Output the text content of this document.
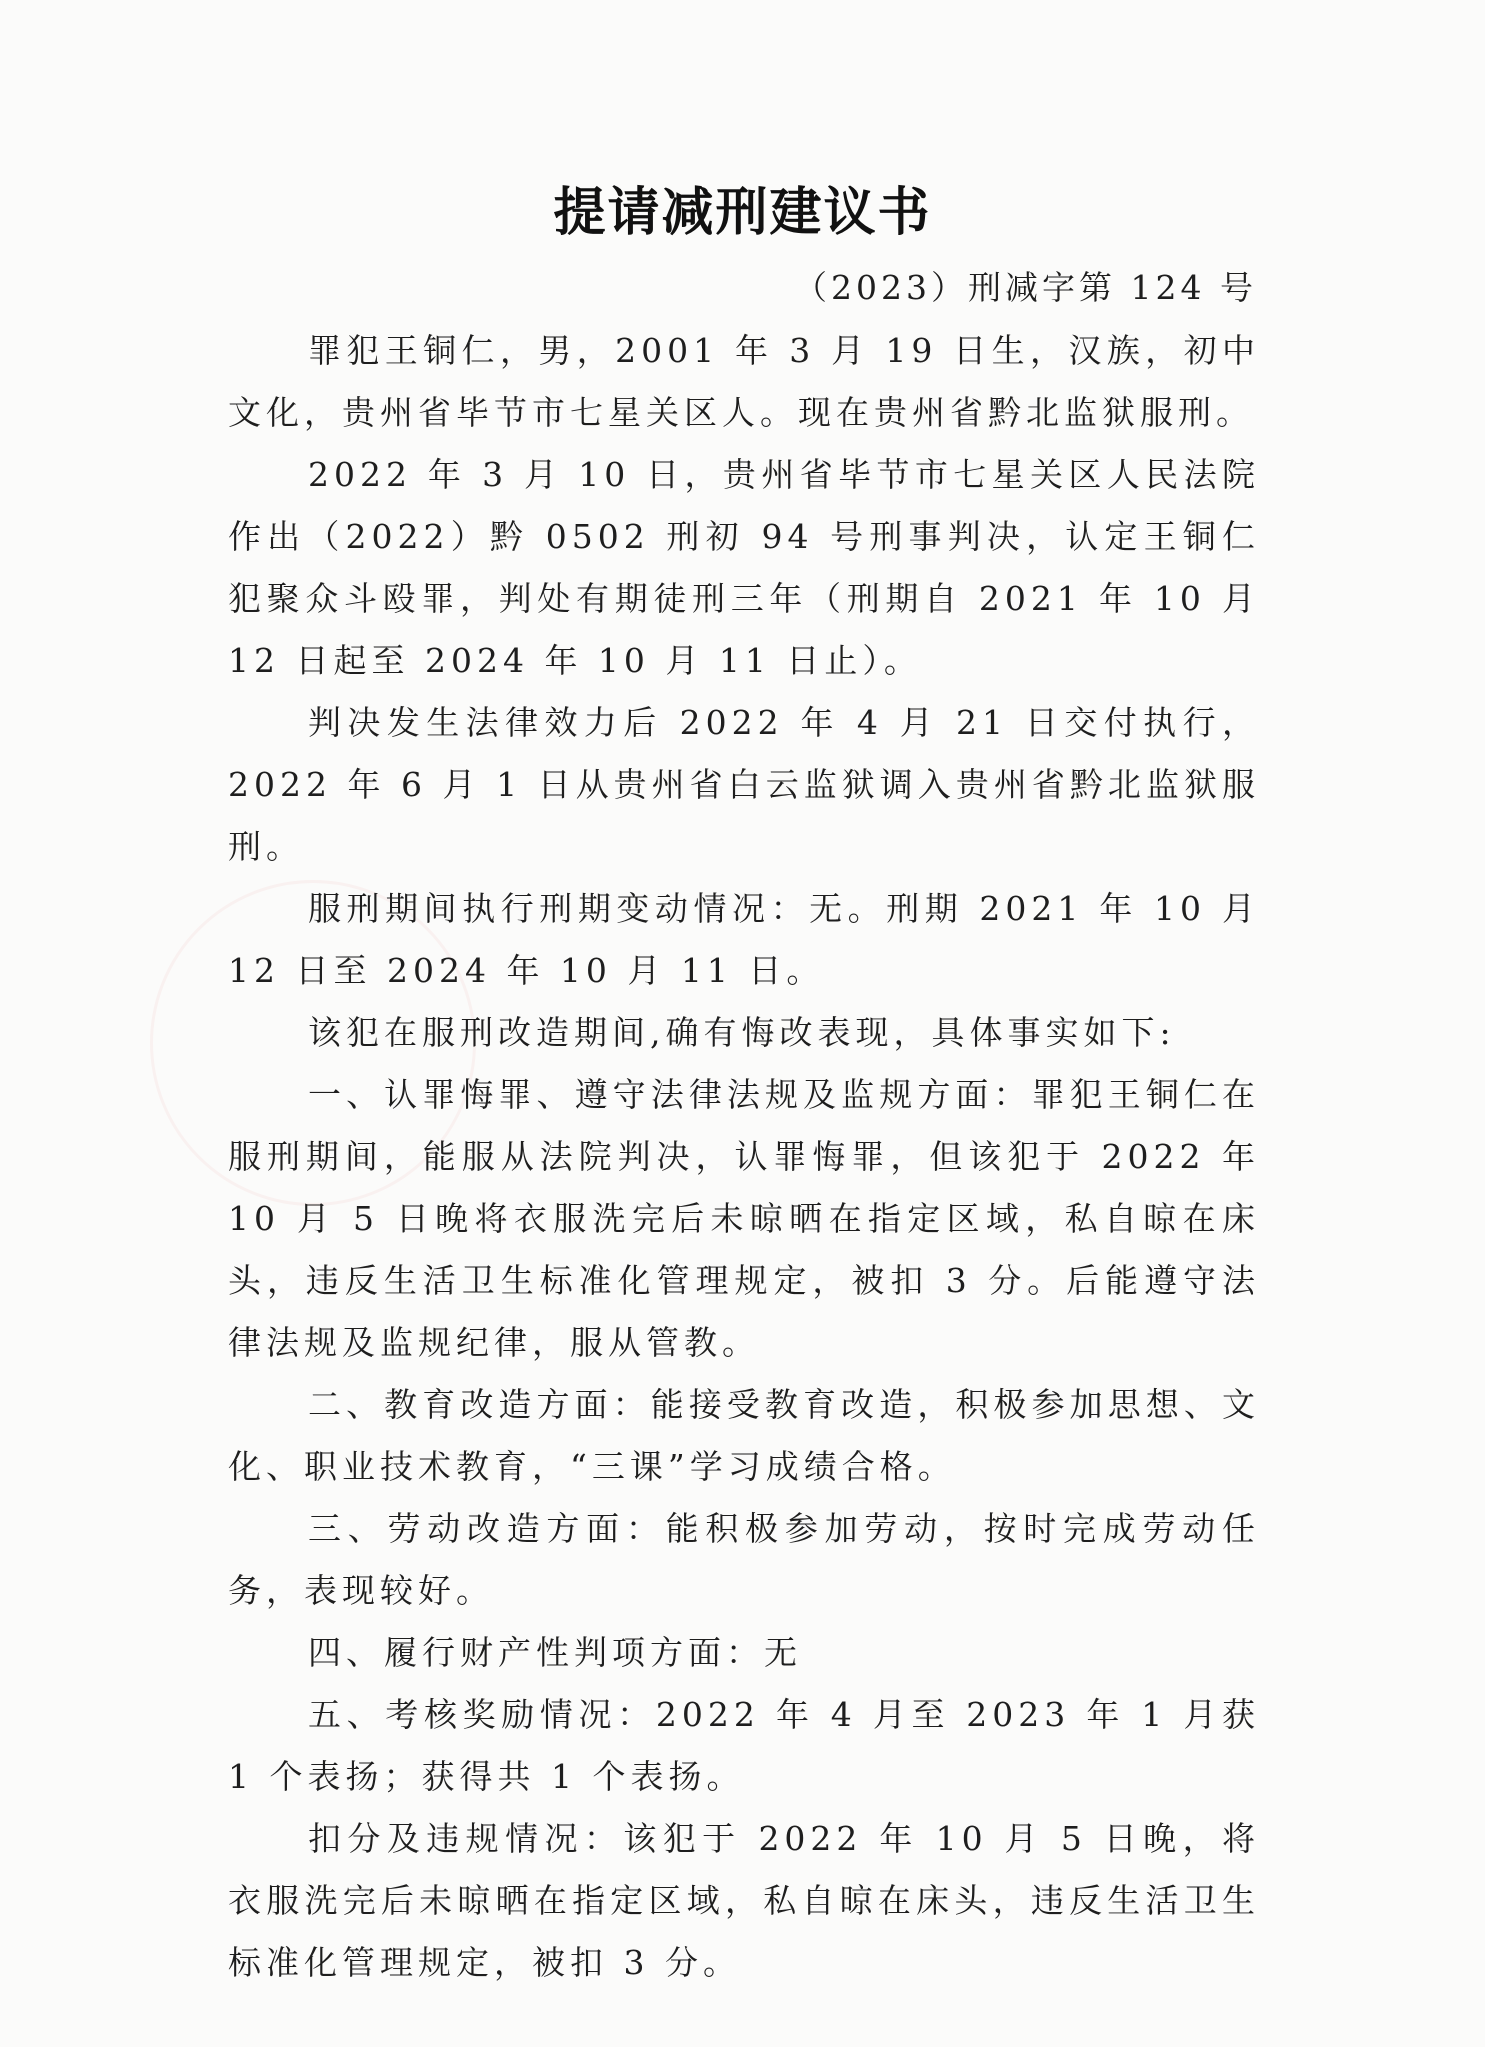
提请减刑建议书
（2023）刑减字第 124 号

罪犯王铜仁，男，2001 年 3 月 19 日生，汉族，初中文化，贵州省毕节市七星关区人。现在贵州省黔北监狱服刑。

2022 年 3 月 10 日，贵州省毕节市七星关区人民法院作出（2022）黔 0502 刑初 94 号刑事判决，认定王铜仁犯聚众斗殴罪，判处有期徒刑三年（刑期自 2021 年 10 月 12 日起至 2024 年 10 月 11 日止）。

判决发生法律效力后 2022 年 4 月 21 日交付执行，2022 年 6 月 1 日从贵州省白云监狱调入贵州省黔北监狱服刑。

服刑期间执行刑期变动情况：无。刑期 2021 年 10 月 12 日至 2024 年 10 月 11 日。

该犯在服刑改造期间,确有悔改表现，具体事实如下:

一、认罪悔罪、遵守法律法规及监规方面：罪犯王铜仁在服刑期间，能服从法院判决，认罪悔罪，但该犯于 2022 年 10 月 5 日晚将衣服洗完后未晾晒在指定区域，私自晾在床头，违反生活卫生标准化管理规定，被扣 3 分。后能遵守法律法规及监规纪律，服从管教。

二、教育改造方面：能接受教育改造，积极参加思想、文化、职业技术教育，“三课”学习成绩合格。

三、劳动改造方面：能积极参加劳动，按时完成劳动任务，表现较好。

四、履行财产性判项方面：无

五、考核奖励情况：2022 年 4 月至 2023 年 1 月获 1 个表扬；获得共 1 个表扬。

扣分及违规情况：该犯于 2022 年 10 月 5 日晚，将衣服洗完后未晾晒在指定区域，私自晾在床头，违反生活卫生标准化管理规定，被扣 3 分。
